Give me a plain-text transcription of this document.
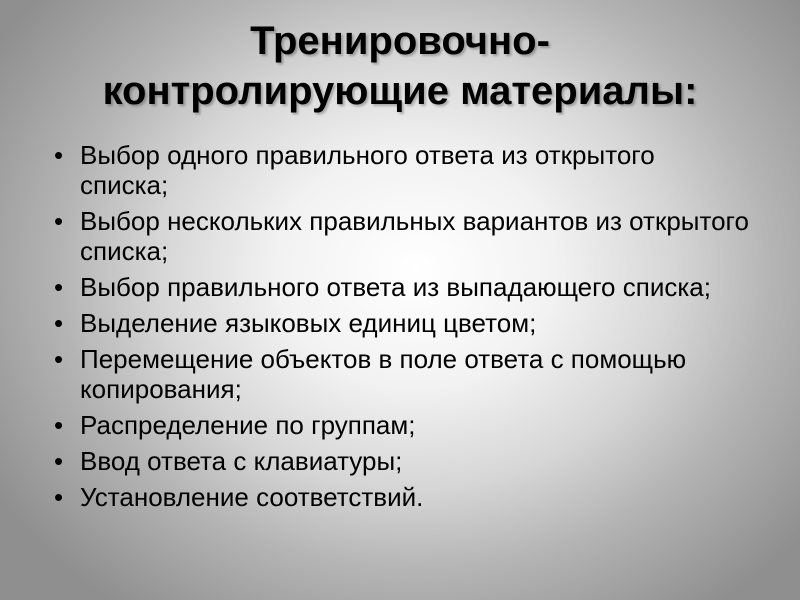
Тренировочно-
контролирующие материалы:
• Выбор одного правильного ответа из открытого списка;
• Выбор нескольких правильных вариантов из открытого списка;
• Выбор правильного ответа из выпадающего списка;
• Выделение языковых единиц цветом;
• Перемещение объектов в поле ответа с помощью копирования;
• Распределение по группам;
• Ввод ответа с клавиатуры;
• Установление соответствий.
